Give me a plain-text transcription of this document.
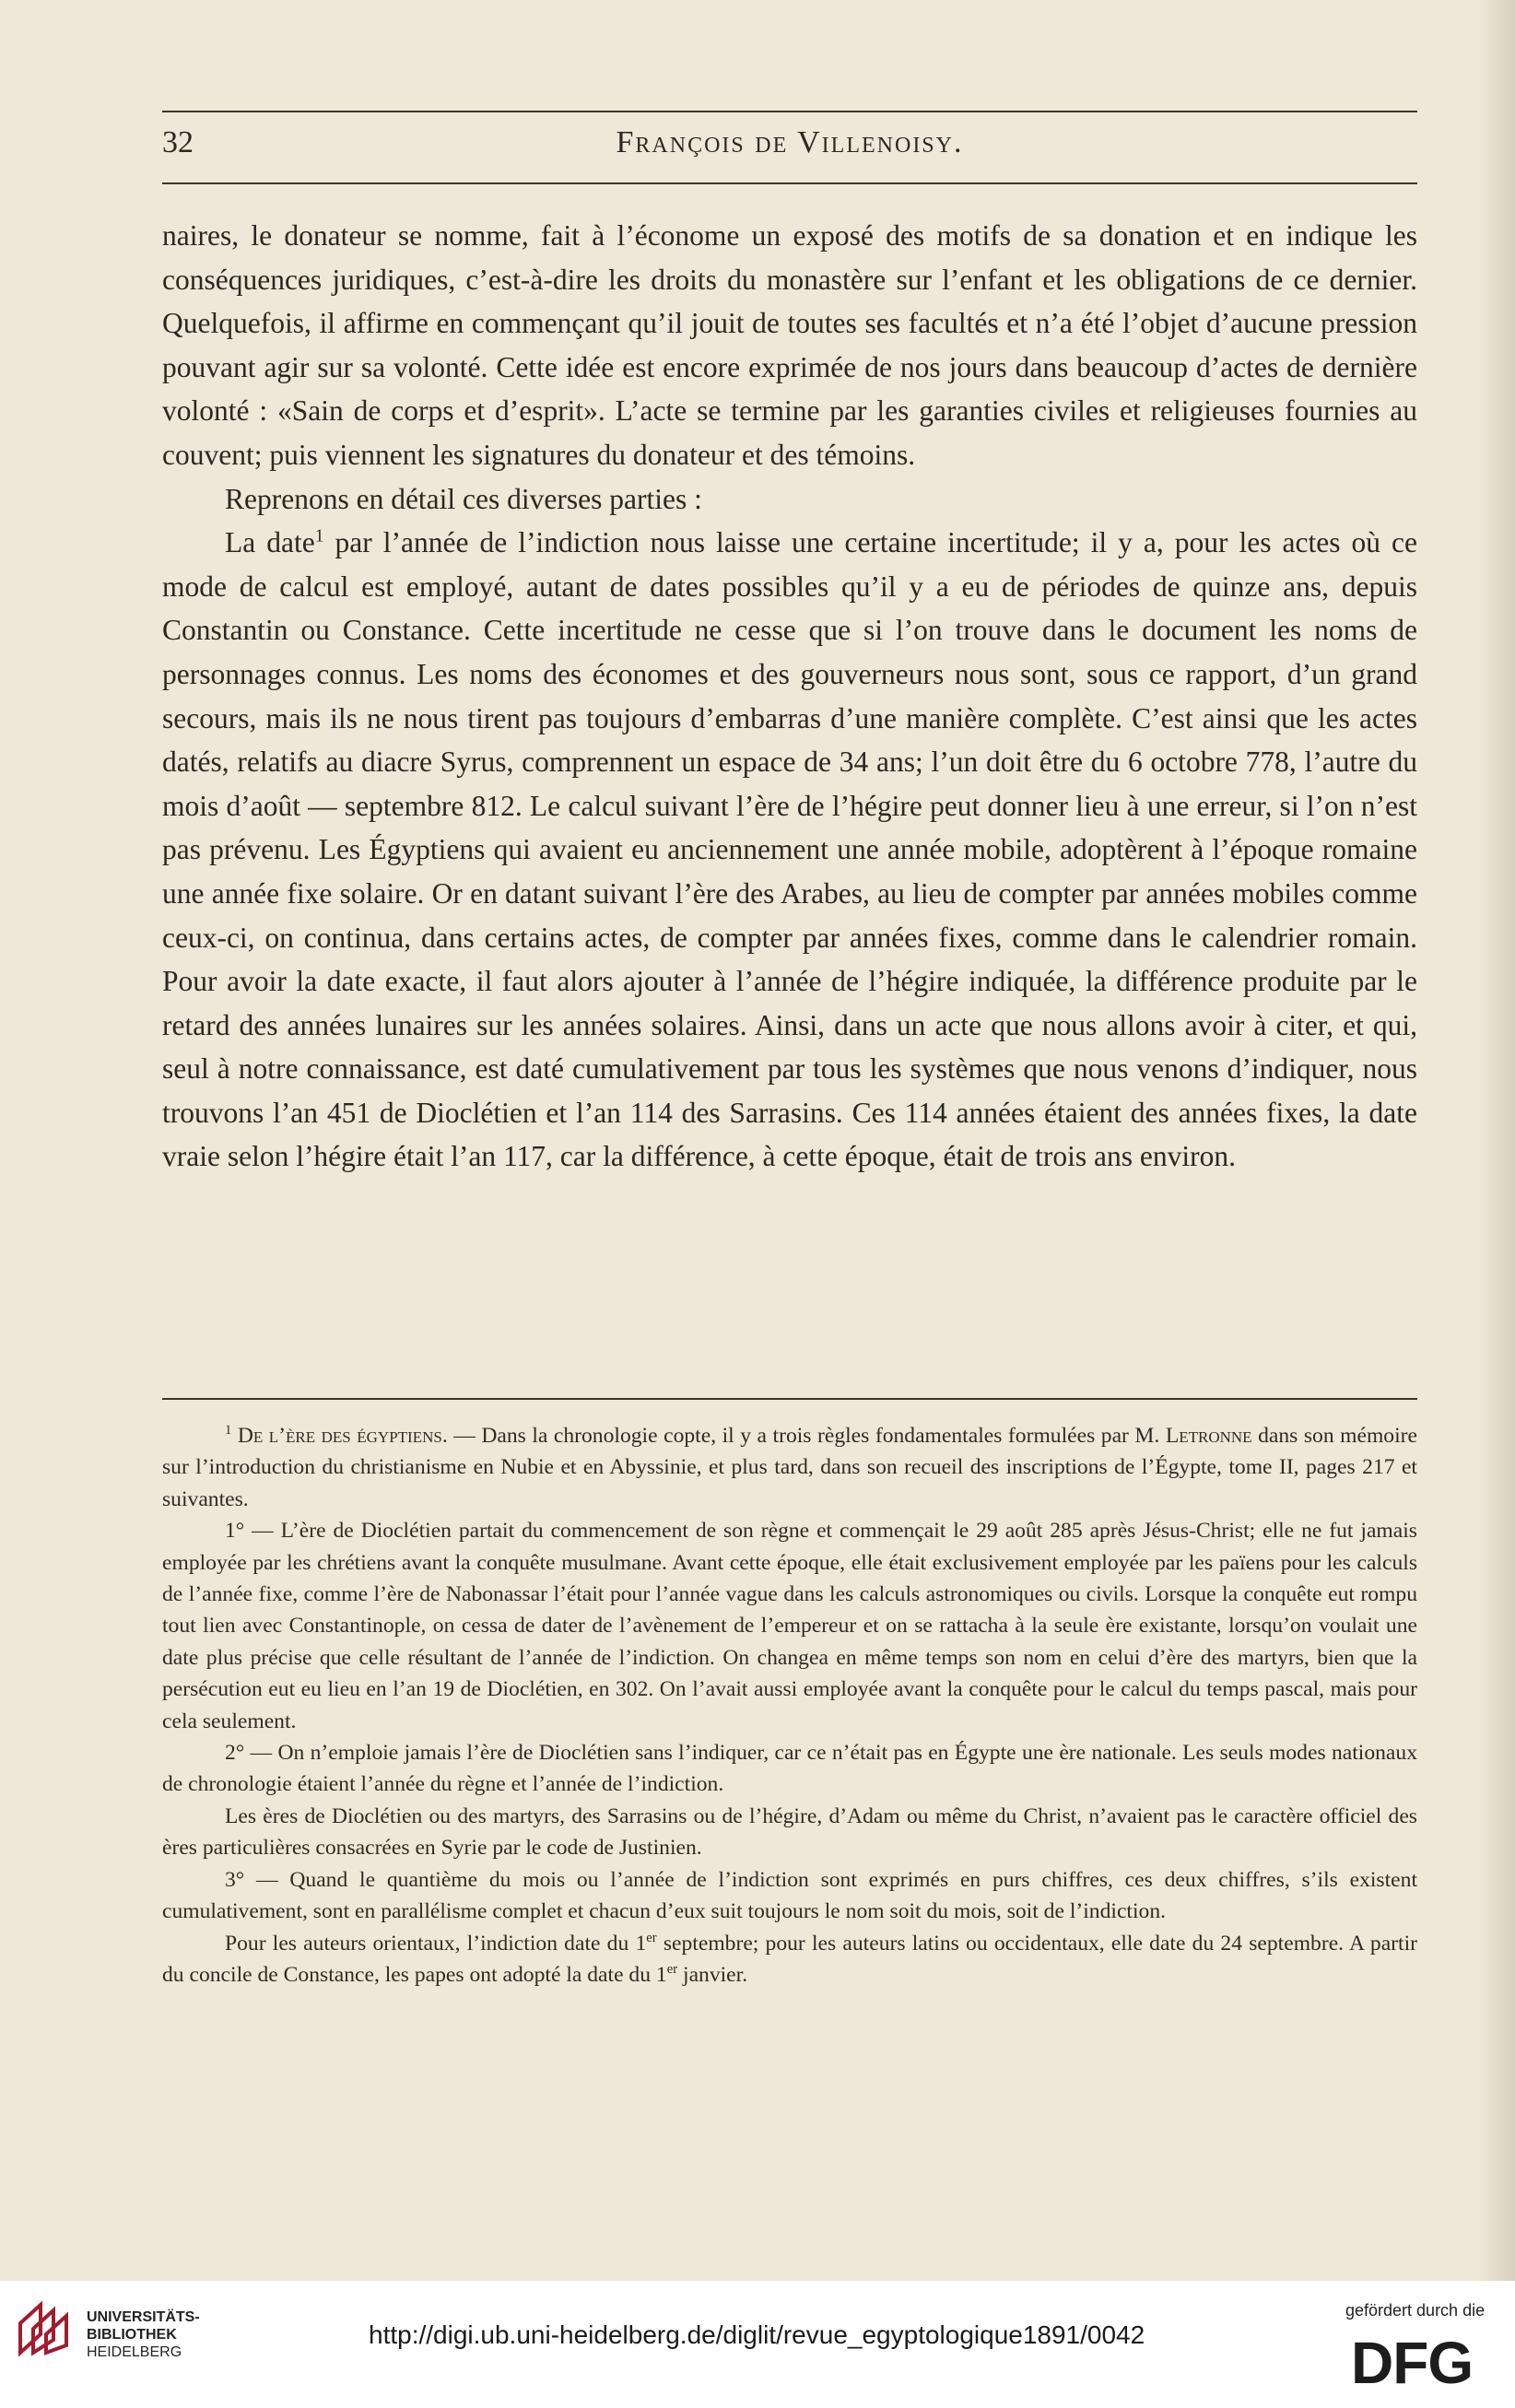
32	François de Villenoisy.

naires, le donateur se nomme, fait à l’économe un exposé des motifs de sa donation et en indique les conséquences juridiques, c’est-à-dire les droits du monastère sur l’enfant et les obligations de ce dernier. Quelquefois, il affirme en commençant qu’il jouit de toutes ses facultés et n’a été l’objet d’aucune pression pouvant agir sur sa volonté. Cette idée est encore exprimée de nos jours dans beaucoup d’actes de dernière volonté : «Sain de corps et d’esprit». L’acte se termine par les garanties civiles et religieuses fournies au couvent; puis viennent les signatures du donateur et des témoins.

Reprenons en détail ces diverses parties :

La date$^1$ par l’année de l’indiction nous laisse une certaine incertitude; il y a, pour les actes où ce mode de calcul est employé, autant de dates possibles qu’il y a eu de périodes de quinze ans, depuis Constantin ou Constance. Cette incertitude ne cesse que si l’on trouve dans le document les noms de personnages connus. Les noms des économes et des gouverneurs nous sont, sous ce rapport, d’un grand secours, mais ils ne nous tirent pas toujours d’embarras d’une manière complète. C’est ainsi que les actes datés, relatifs au diacre Syrus, comprennent un espace de 34 ans; l’un doit être du 6 octobre 778, l’autre du mois d’août — septembre 812. Le calcul suivant l’ère de l’hégire peut donner lieu à une erreur, si l’on n’est pas prévenu. Les Égyptiens qui avaient eu anciennement une année mobile, adoptèrent à l’époque romaine une année fixe solaire. Or en datant suivant l’ère des Arabes, au lieu de compter par années mobiles comme ceux-ci, on continua, dans certains actes, de compter par années fixes, comme dans le calendrier romain. Pour avoir la date exacte, il faut alors ajouter à l’année de l’hégire indiquée, la différence produite par le retard des années lunaires sur les années solaires. Ainsi, dans un acte que nous allons avoir à citer, et qui, seul à notre connaissance, est daté cumulativement par tous les systèmes que nous venons d’indiquer, nous trouvons l’an 451 de Dioclétien et l’an 114 des Sarrasins. Ces 114 années étaient des années fixes, la date vraie selon l’hégire était l’an 117, car la différence, à cette époque, était de trois ans environ.

$^1$ De l’ère des égyptiens. — Dans la chronologie copte, il y a trois règles fondamentales formulées par M. Letronne dans son mémoire sur l’introduction du christianisme en Nubie et en Abyssinie, et plus tard, dans son recueil des inscriptions de l’Égypte, tome II, pages 217 et suivantes.

1° — L’ère de Dioclétien partait du commencement de son règne et commençait le 29 août 285 après Jésus-Christ; elle ne fut jamais employée par les chrétiens avant la conquête musulmane. Avant cette époque, elle était exclusivement employée par les païens pour les calculs de l’année fixe, comme l’ère de Nabonassar l’était pour l’année vague dans les calculs astronomiques ou civils. Lorsque la conquête eut rompu tout lien avec Constantinople, on cessa de dater de l’avènement de l’empereur et on se rattacha à la seule ère existante, lorsqu’on voulait une date plus précise que celle résultant de l’année de l’indiction. On changea en même temps son nom en celui d’ère des martyrs, bien que la persécution eut eu lieu en l’an 19 de Dioclétien, en 302. On l’avait aussi employée avant la conquête pour le calcul du temps pascal, mais pour cela seulement.

2° — On n’emploie jamais l’ère de Dioclétien sans l’indiquer, car ce n’était pas en Égypte une ère nationale. Les seuls modes nationaux de chronologie étaient l’année du règne et l’année de l’indiction.

Les ères de Dioclétien ou des martyrs, des Sarrasins ou de l’hégire, d’Adam ou même du Christ, n’avaient pas le caractère officiel des ères particulières consacrées en Syrie par le code de Justinien.

3° — Quand le quantième du mois ou l’année de l’indiction sont exprimés en purs chiffres, ces deux chiffres, s’ils existent cumulativement, sont en parallélisme complet et chacun d’eux suit toujours le nom soit du mois, soit de l’indiction.

Pour les auteurs orientaux, l’indiction date du 1er septembre; pour les auteurs latins ou occidentaux, elle date du 24 septembre. A partir du concile de Constance, les papes ont adopté la date du 1er janvier.

UNIVERSITÄTS-
BIBLIOTHEK
HEIDELBERG
http://digi.ub.uni-heidelberg.de/diglit/revue_egyptologique1891/0042
gefördert durch die
DFG
